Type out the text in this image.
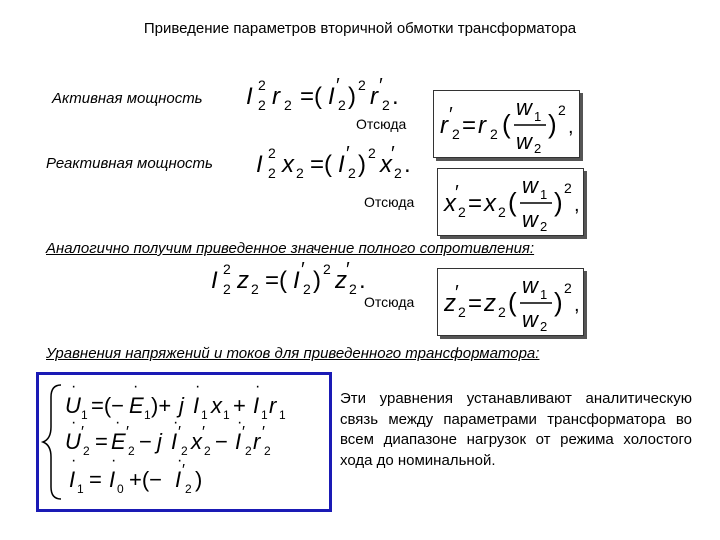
Приведение параметров вторичной обмотки трансформатора
Активная мощность I 2
2 r 2 =( I ′
2 ) 2 r ′
2 .
Отсюда r ′
2 = r 2 (
w 1
w 2
) 2
,
Реактивная мощность I 2
2 x 2 =( I ′
2 ) 2 x ′
2 .
Отсюда x ′
2 = x 2 (
w 1
w 2
) 2
,
Аналогично получим приведенное значение полного сопротивления:
I 2
2 z 2 =( I ′
2 ) 2 z ′
2 .
Отсюда z ′
2 = z 2 (
w 1
w 2
) 2
,
Уравнения напряжений и токов для приведенного трансформатора:
U
·
1 =(− E
·
1 )+ j I
·
1 x 1 + I
·
1 r 1
U
·
′
2 = E
·
′
2 − j I
·
′
2 x ′
2 − I
·
′
2 r ′
2
I
·
1 = I
·
0 +(− I
·
′
2 )
Эти уравнения устанавливают аналитическую связь между параметрами трансформатора во всем диапазоне нагрузок от режима холостого хода до номинальной.
